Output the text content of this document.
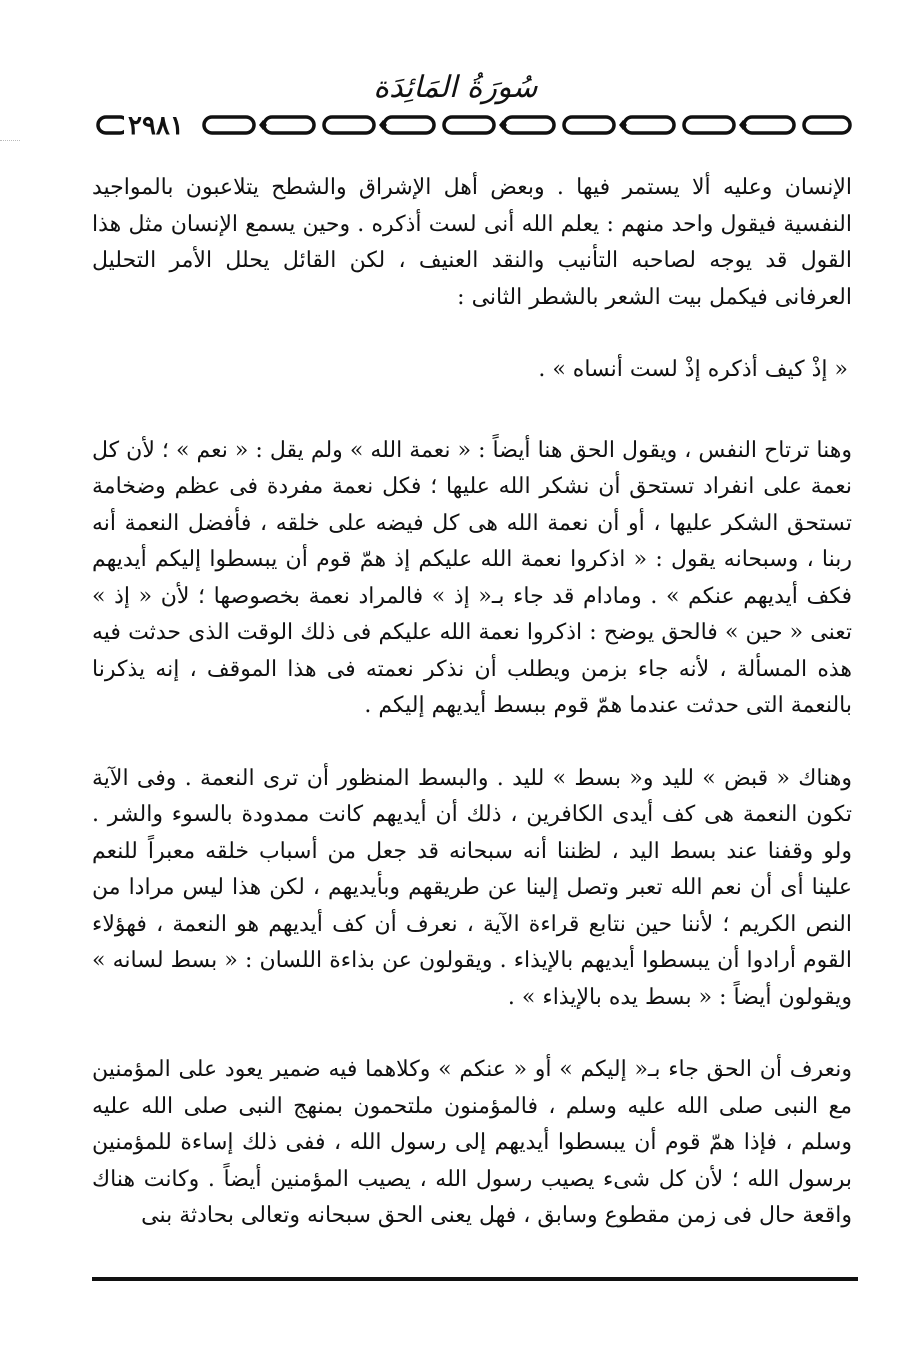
سُورَةُ المَائِدَة
٢٩٨١

الإنسان وعليه ألا يستمر فيها . وبعض أهل الإشراق والشطح يتلاعبون بالمواجيد النفسية فيقول واحد منهم : يعلم الله أنى لست أذكره . وحين يسمع الإنسان مثل هذا القول قد يوجه لصاحبه التأنيب والنقد العنيف ، لكن القائل يحلل الأمر التحليل العرفانى فيكمل بيت الشعر بالشطر الثانى :

« إذْ كيف أذكره إذْ لست أنساه » .

وهنا ترتاح النفس ، ويقول الحق هنا أيضاً : « نعمة الله » ولم يقل : « نعم » ؛ لأن كل نعمة على انفراد تستحق أن نشكر الله عليها ؛ فكل نعمة مفردة فى عظم وضخامة تستحق الشكر عليها ، أو أن نعمة الله هى كل فيضه على خلقه ، فأفضل النعمة أنه ربنا ، وسبحانه يقول : « اذكروا نعمة الله عليكم إذ همّ قوم أن يبسطوا إليكم أيديهم فكف أيديهم عنكم » . ومادام قد جاء بـ« إذ » فالمراد نعمة بخصوصها ؛ لأن « إذ » تعنى « حين » فالحق يوضح : اذكروا نعمة الله عليكم فى ذلك الوقت الذى حدثت فيه هذه المسألة ، لأنه جاء بزمن ويطلب أن نذكر نعمته فى هذا الموقف ، إنه يذكرنا بالنعمة التى حدثت عندما همّ قوم ببسط أيديهم إليكم .

وهناك « قبض » لليد و« بسط » لليد . والبسط المنظور أن ترى النعمة . وفى الآية تكون النعمة هى كف أيدى الكافرين ، ذلك أن أيديهم كانت ممدودة بالسوء والشر . ولو وقفنا عند بسط اليد ، لظننا أنه سبحانه قد جعل من أسباب خلقه معبراً للنعم علينا أى أن نعم الله تعبر وتصل إلينا عن طريقهم وبأيديهم ، لكن هذا ليس مرادا من النص الكريم ؛ لأننا حين نتابع قراءة الآية ، نعرف أن كف أيديهم هو النعمة ، فهؤلاء القوم أرادوا أن يبسطوا أيديهم بالإيذاء . ويقولون عن بذاءة اللسان : « بسط لسانه » ويقولون أيضاً : « بسط يده بالإيذاء » .

ونعرف أن الحق جاء بـ« إليكم » أو « عنكم » وكلاهما فيه ضمير يعود على المؤمنين مع النبى صلى الله عليه وسلم ، فالمؤمنون ملتحمون بمنهج النبى صلى الله عليه وسلم ، فإذا همّ قوم أن يبسطوا أيديهم إلى رسول الله ، ففى ذلك إساءة للمؤمنين برسول الله ؛ لأن كل شىء يصيب رسول الله ، يصيب المؤمنين أيضاً . وكانت هناك واقعة حال فى زمن مقطوع وسابق ، فهل يعنى الحق سبحانه وتعالى بحادثة بنى
